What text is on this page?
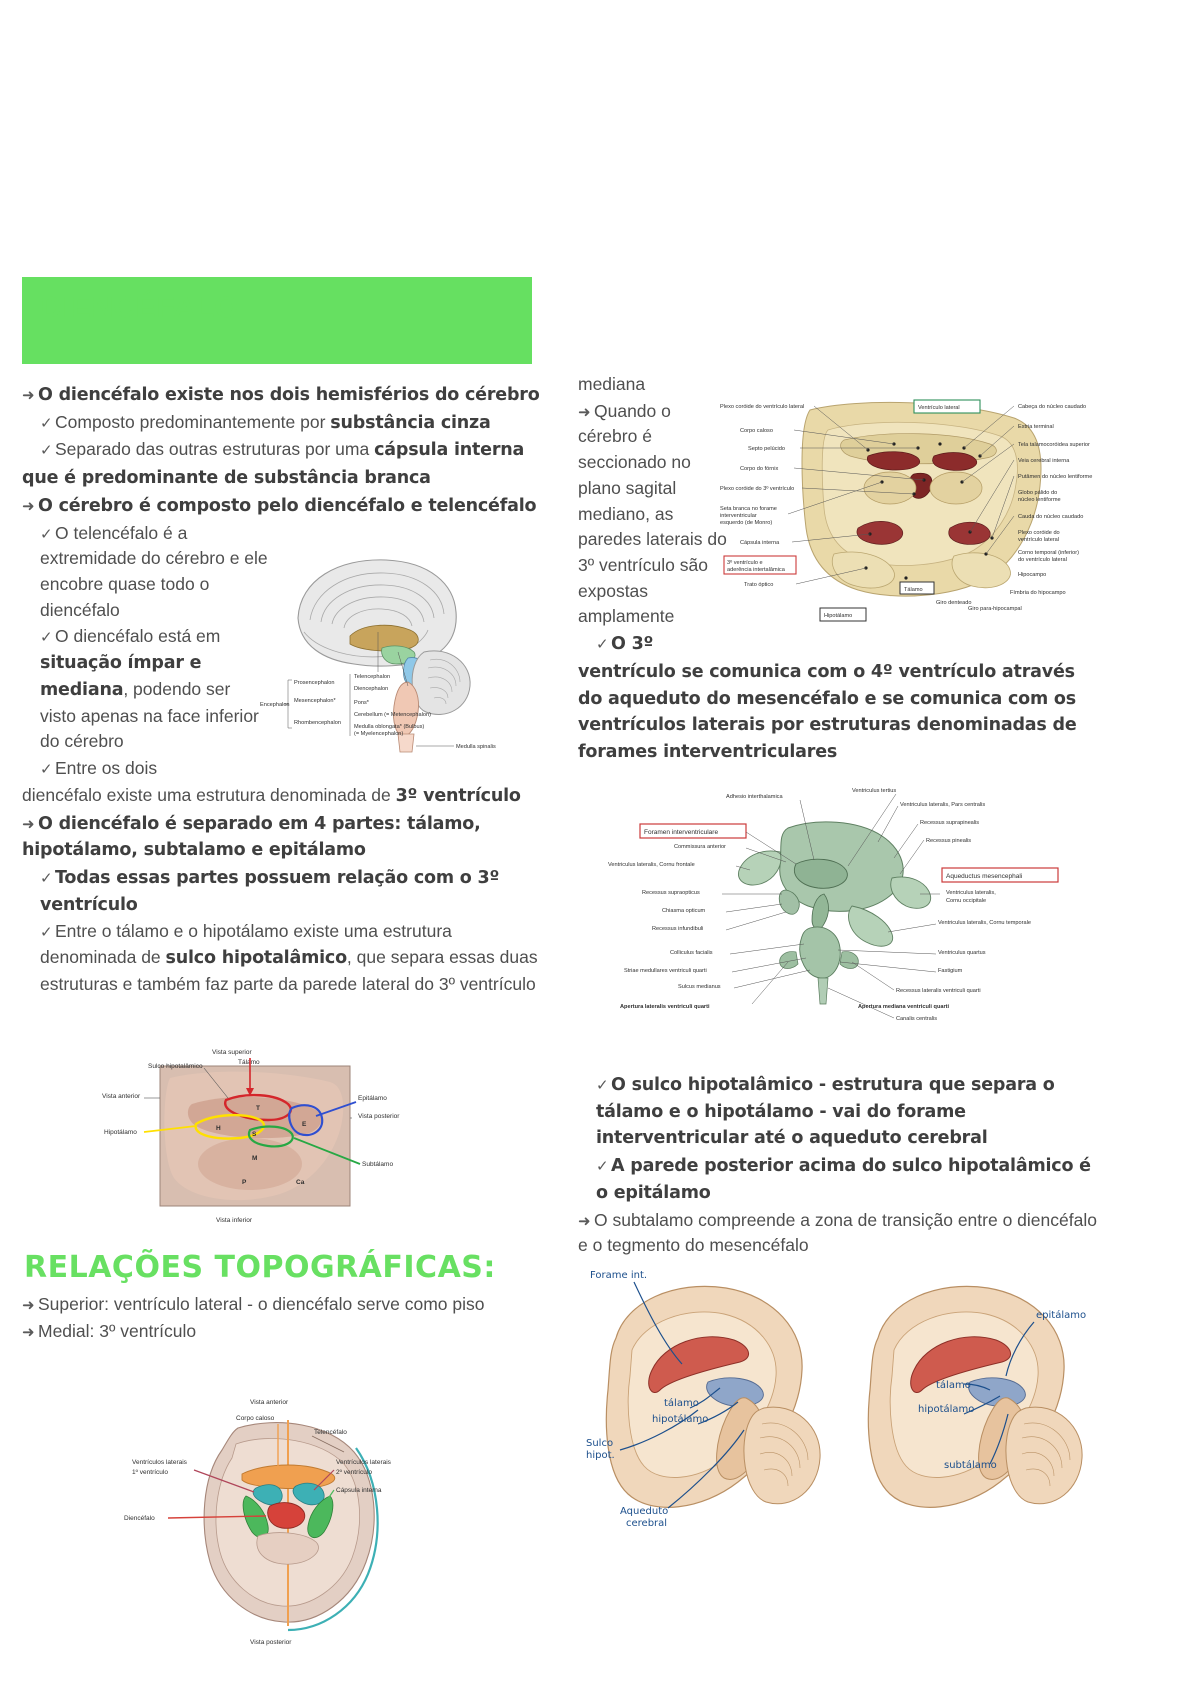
DIENCÉFALO

➜ O diencéfalo existe nos dois hemisférios do cérebro

✓ Composto predominantemente por substância cinza

✓ Separado das outras estruturas por uma cápsula interna

que é predominante de substância branca

➜ O cérebro é composto pelo diencéfalo e telencéfalo

✓ O telencéfalo é a extremidade do cérebro e ele encobre quase todo o diencéfalo

✓ O diencéfalo está em situação ímpar e mediana, podendo ser visto apenas na face inferior do cérebro

✓ Entre os dois

diencéfalo existe uma estrutura denominada de 3º ventrículo

➜ O diencéfalo é separado em 4 partes: tálamo, hipotálamo, subtalamo e epitálamo

✓ Todas essas partes possuem relação com o 3º ventrículo

✓ Entre o tálamo e o hipotálamo existe uma estrutura denominada de sulco hipotalâmico, que separa essas duas estruturas e também faz parte da parede lateral do 3º ventrículo

mediana

➜ Quando o cérebro é seccionado no plano sagital mediano, as paredes laterais do 3º ventrículo são expostas amplamente

✓ O 3º

ventrículo se comunica com o 4º ventrículo através do aqueduto do mesencéfalo e se comunica com os ventrículos laterais por estruturas denominadas de forames interventriculares

✓ O sulco hipotalâmico - estrutura que separa o tálamo e o hipotálamo - vai do forame interventricular até o aqueduto cerebral

✓ A parede posterior acima do sulco hipotalâmico é o epitálamo

➜ O subtalamo compreende a zona de transição entre o diencéfalo e o tegmento do mesencéfalo

RELAÇÕES TOPOGRÁFICAS:

➜ Superior: ventrículo lateral - o diencéfalo serve como piso

➜ Medial: 3º ventrículo

Encephalon
Prosencephalon
Mesencephalon*
Rhombencephalon
Telencephalon
Diencephalon
Pons*
Cerebellum (= Metencephalon)
Medulla oblongata* (Bulbus)
(= Myelencephalon)
Medulla spinalis
Ventrículo lateral
3º ventrículo e
aderência intertalâmica
Hipotálamo
Tálamo
Plexo coróide do ventrículo lateral
Corpo caloso
Septo pelúcido
Corpo do fórnix
Plexo coróide do 3º ventrículo
Seta branca no forame
interventricular
esquerdo (de Monro)
Cápsula interna
Trato óptico
Cabeça do núcleo caudado
Estria terminal
Tela talamocoróidea superior
Veia cerebral interna
Putâmen do núcleo lentiforme
Globo pálido do
núcleo lentiforme
Cauda do núcleo caudado
Plexo coróide do
ventrículo lateral
Corno temporal (inferior)
do ventrículo lateral
Hipocampo
Fímbria do hipocampo
Giro para-hipocampal
Giro denteado
Foramen interventriculare
Aqueductus mesencephali
Adhesio interthalamica
Ventriculus tertius
Ventriculus lateralis, Pars centralis
Recessus suprapinealis
Recessus pinealis
Commissura anterior
Ventriculus lateralis, Cornu frontale
Recessus supraopticus
Chiasma opticum
Recessus infundibuli
Colliculus facialis
Striae medullares ventriculi quarti
Sulcus medianus
Apertura lateralis ventriculi quarti
Ventriculus lateralis,
Cornu occipitale
Ventriculus lateralis, Cornu temporale
Ventriculus quartus
Fastigium
Recessus lateralis ventriculi quarti
Apertura mediana ventriculi quarti
Canalis centralis
T
H
S
E
M
P	Ca
Vista superior
Sulco hipotalâmico
Tálamo
Vista anterior	Epitálamo
Vista posterior
Hipotálamo
Subtálamo
Vista inferior
Forame int.
tálamo
hipotálamo
Sulco
hipot.
Aqueduto
cerebral
epitálamo
tálamo
hipotálamo
subtálamo
Vista anterior
Corpo caloso
Telencéfalo
Ventrículos laterais
1º ventrículo
Ventrículos laterais
2º ventrículo
Cápsula interna
Diencéfalo
Vista posterior
